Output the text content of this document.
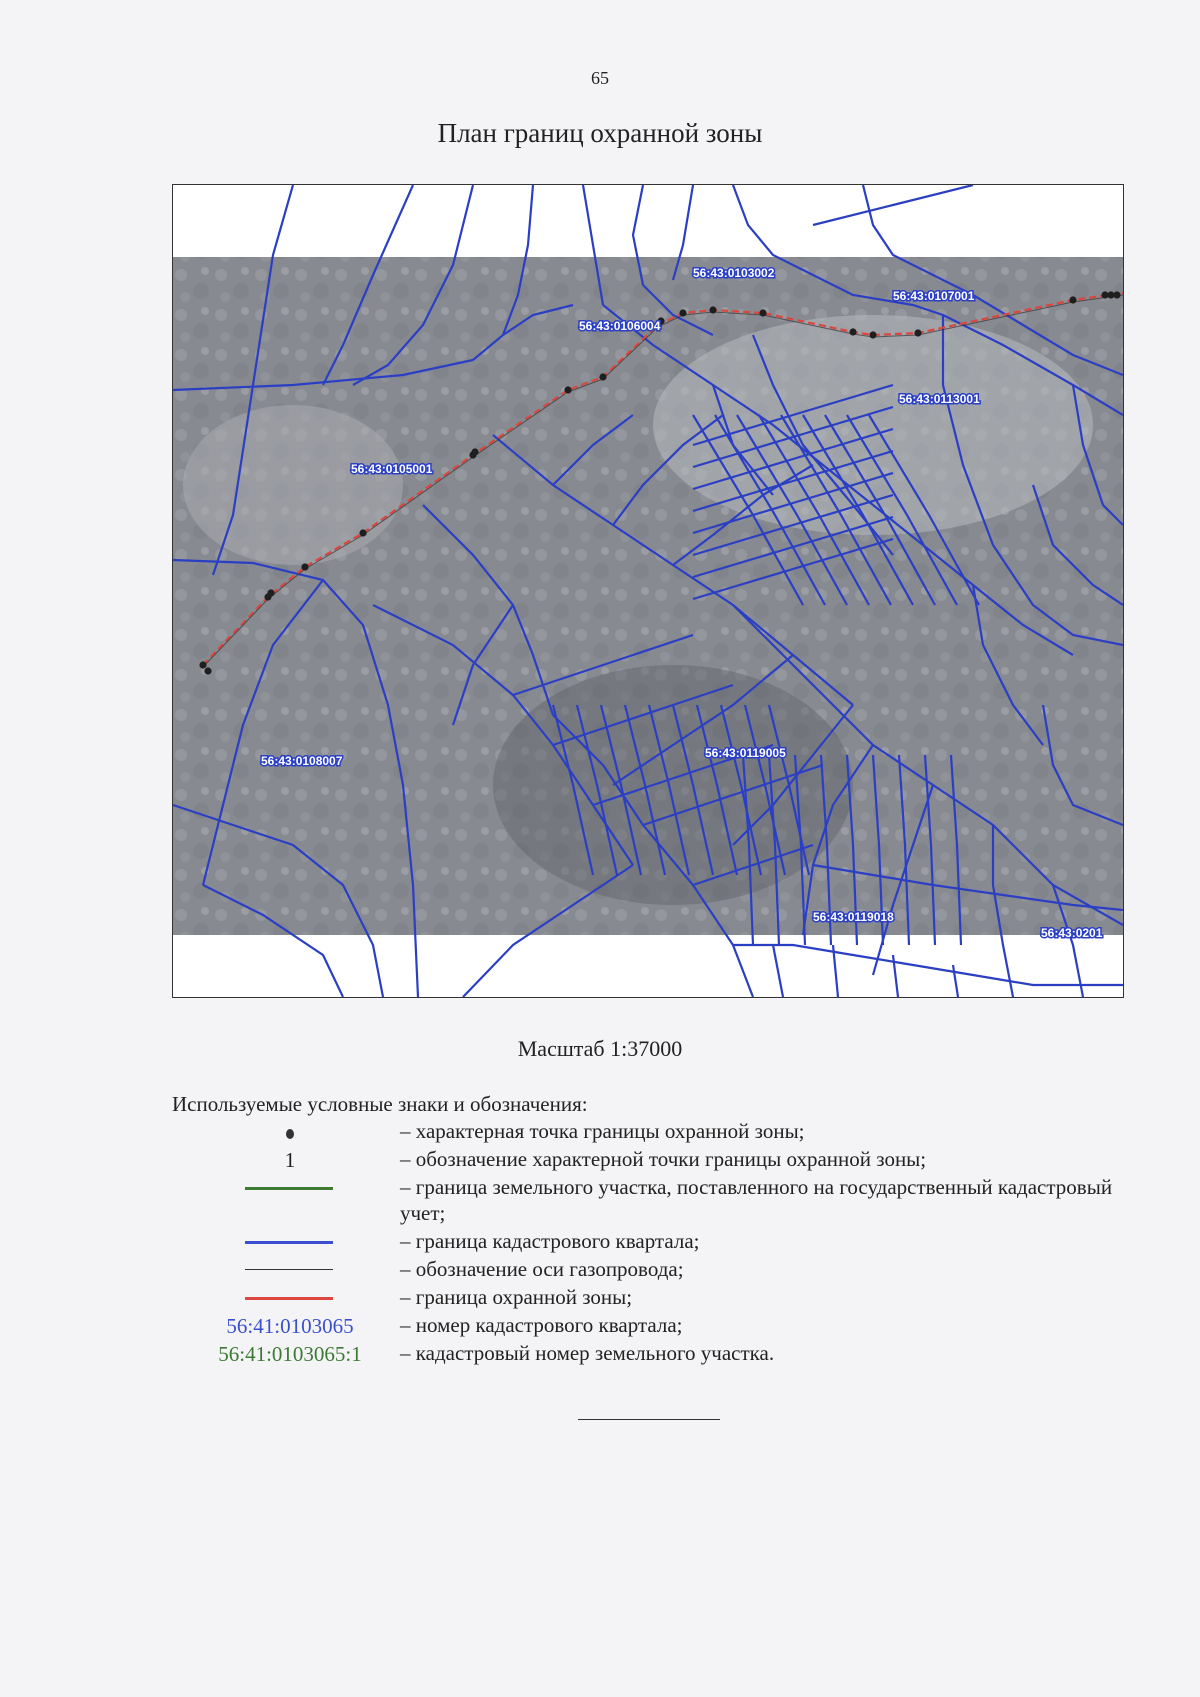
65
План границ охранной зоны
56:43:0103002
56:43:0107001
56:43:0106004
56:43:0113001
56:43:0105001
56:43:0108007
56:43:0119005
56:43:0119018
56:43:0201
Масштаб 1:37000
Используемые условные знаки и обозначения:
– характерная точка границы охранной зоны;
1	– обозначение характерной точки границы охранной зоны;
– граница земельного участка, поставленного на государственный кадастровый учет;
– граница кадастрового квартала;
– обозначение оси газопровода;
– граница охранной зоны;
56:41:0103065	– номер кадастрового квартала;
56:41:0103065:1	– кадастровый номер земельного участка.
